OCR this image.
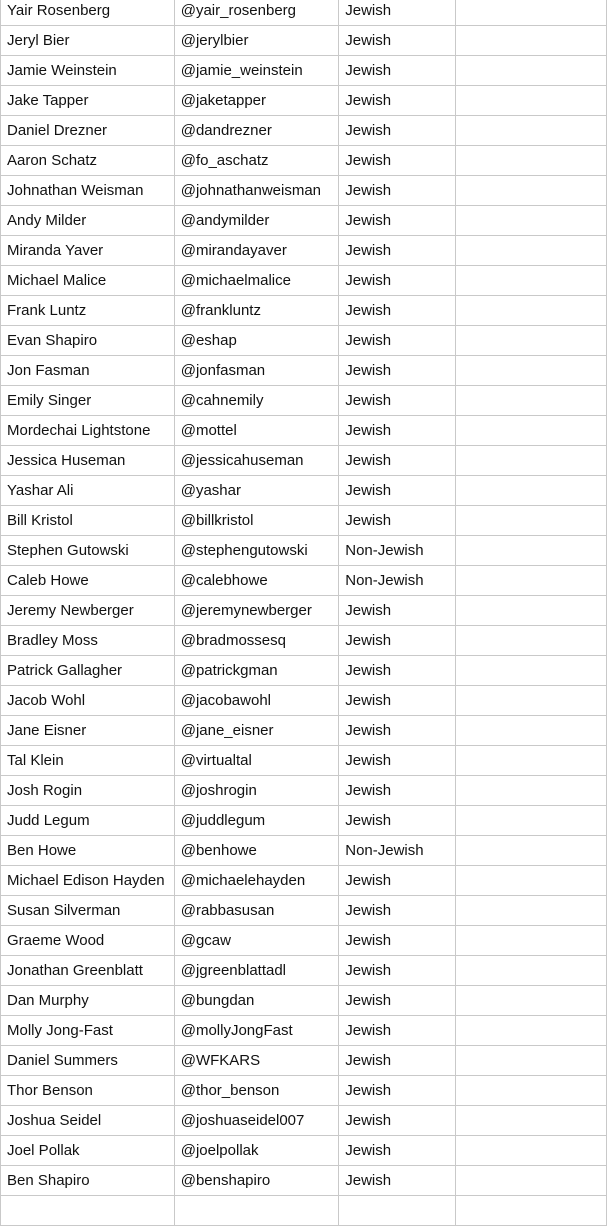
Yair Rosenberg	@yair_rosenberg	Jewish	
Jeryl Bier	@jerylbier	Jewish	
Jamie Weinstein	@jamie_weinstein	Jewish	
Jake Tapper	@jaketapper	Jewish	
Daniel Drezner	@dandrezner	Jewish	
Aaron Schatz	@fo_aschatz	Jewish	
Johnathan Weisman	@johnathanweisman	Jewish	
Andy Milder	@andymilder	Jewish	
Miranda Yaver	@mirandayaver	Jewish	
Michael Malice	@michaelmalice	Jewish	
Frank Luntz	@frankluntz	Jewish	
Evan Shapiro	@eshap	Jewish	
Jon Fasman	@jonfasman	Jewish	
Emily Singer	@cahnemily	Jewish	
Mordechai Lightstone	@mottel	Jewish	
Jessica Huseman	@jessicahuseman	Jewish	
Yashar Ali	@yashar	Jewish	
Bill Kristol	@billkristol	Jewish	
Stephen Gutowski	@stephengutowski	Non-Jewish	
Caleb Howe	@calebhowe	Non-Jewish	
Jeremy Newberger	@jeremynewberger	Jewish	
Bradley Moss	@bradmossesq	Jewish	
Patrick Gallagher	@patrickgman	Jewish	
Jacob Wohl	@jacobawohl	Jewish	
Jane Eisner	@jane_eisner	Jewish	
Tal Klein	@virtualtal	Jewish	
Josh Rogin	@joshrogin	Jewish	
Judd Legum	@juddlegum	Jewish	
Ben Howe	@benhowe	Non-Jewish	
Michael Edison Hayden	@michaelehayden	Jewish	
Susan Silverman	@rabbasusan	Jewish	
Graeme Wood	@gcaw	Jewish	
Jonathan Greenblatt	@jgreenblattadl	Jewish	
Dan Murphy	@bungdan	Jewish	
Molly Jong-Fast	@mollyJongFast	Jewish	
Daniel Summers	@WFKARS	Jewish	
Thor Benson	@thor_benson	Jewish	
Joshua Seidel	@joshuaseidel007	Jewish	
Joel Pollak	@joelpollak	Jewish	
Ben Shapiro	@benshapiro	Jewish	
